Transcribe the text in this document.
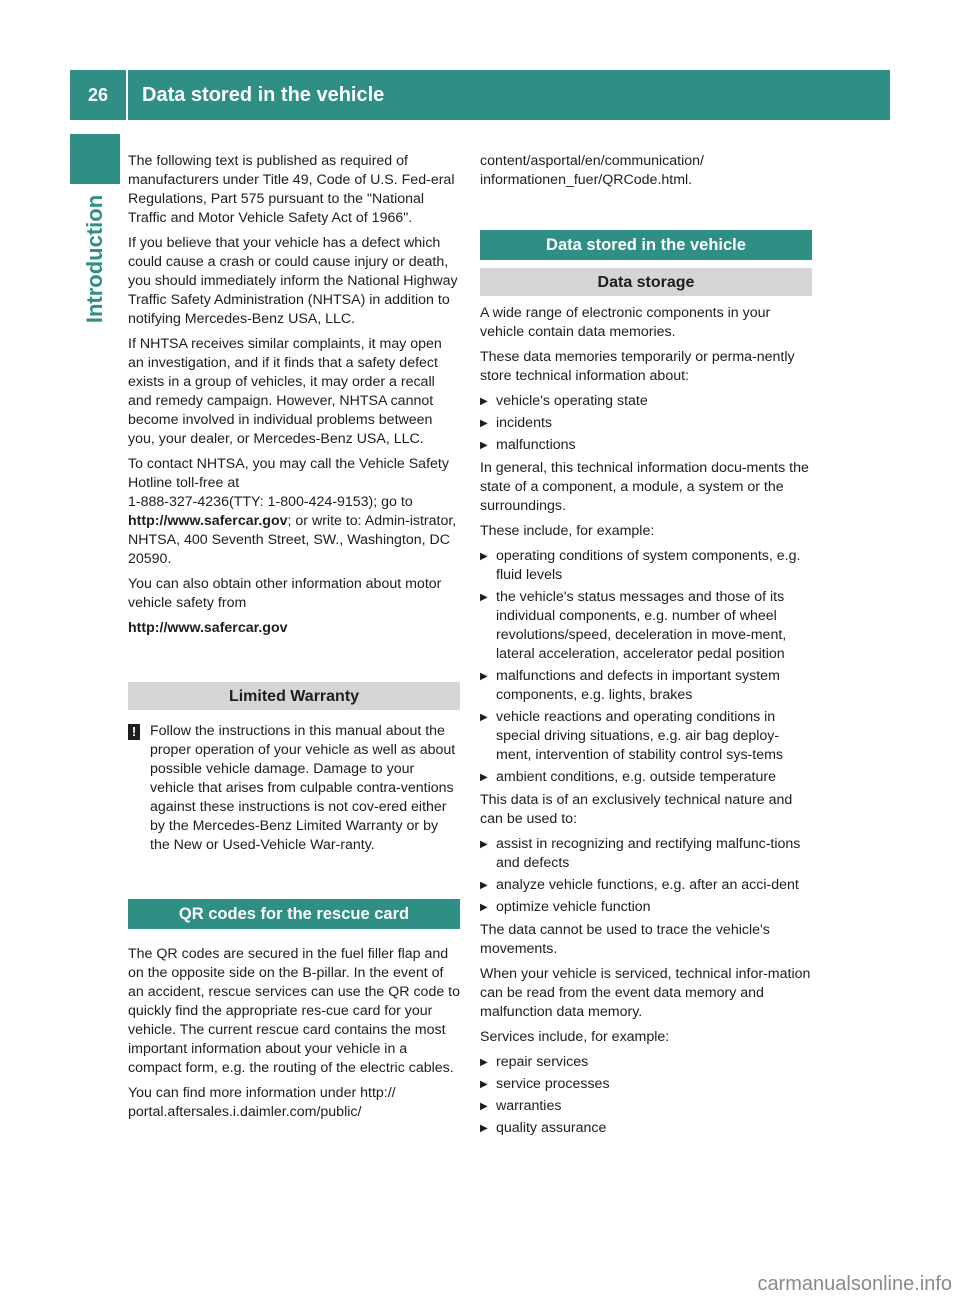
26	Data stored in the vehicle
Introduction

The following text is published as required of manufacturers under Title 49, Code of U.S. Fed-eral Regulations, Part 575 pursuant to the "National Traffic and Motor Vehicle Safety Act of 1966".

If you believe that your vehicle has a defect which could cause a crash or could cause injury or death, you should immediately inform the National Highway Traffic Safety Administration (NHTSA) in addition to notifying Mercedes-Benz USA, LLC.

If NHTSA receives similar complaints, it may open an investigation, and if it finds that a safety defect exists in a group of vehicles, it may order a recall and remedy campaign. However, NHTSA cannot become involved in individual problems between you, your dealer, or Mercedes-Benz USA, LLC.

To contact NHTSA, you may call the Vehicle Safety Hotline toll-free at
1-888-327-4236(TTY: 1-800-424-9153); go to
http://www.safercar.gov; or write to: Admin-istrator, NHTSA, 400 Seventh Street, SW., Washington, DC 20590.

You can also obtain other information about motor vehicle safety from

http://www.safercar.gov

Limited Warranty
! Follow the instructions in this manual about the proper operation of your vehicle as well as about possible vehicle damage. Damage to your vehicle that arises from culpable contra-ventions against these instructions is not cov-ered either by the Mercedes-Benz Limited Warranty or by the New or Used-Vehicle War-ranty.
QR codes for the rescue card

The QR codes are secured in the fuel filler flap and on the opposite side on the B-pillar. In the event of an accident, rescue services can use the QR code to quickly find the appropriate res-cue card for your vehicle. The current rescue card contains the most important information about your vehicle in a compact form, e.g. the routing of the electric cables.

You can find more information under http://
portal.aftersales.i.daimler.com/public/

content/asportal/en/communication/
informationen_fuer/QRCode.html.

Data stored in the vehicle
Data storage

A wide range of electronic components in your vehicle contain data memories.

These data memories temporarily or perma-nently store technical information about:

▶ vehicle's operating state
▶ incidents
▶ malfunctions

In general, this technical information docu-ments the state of a component, a module, a system or the surroundings.

These include, for example:

▶ operating conditions of system components, e.g. fluid levels
▶ the vehicle's status messages and those of its individual components, e.g. number of wheel revolutions/speed, deceleration in move-ment, lateral acceleration, accelerator pedal position
▶ malfunctions and defects in important system components, e.g. lights, brakes
▶ vehicle reactions and operating conditions in special driving situations, e.g. air bag deploy-ment, intervention of stability control sys-tems
▶ ambient conditions, e.g. outside temperature

This data is of an exclusively technical nature and can be used to:

▶ assist in recognizing and rectifying malfunc-tions and defects
▶ analyze vehicle functions, e.g. after an acci-dent
▶ optimize vehicle function

The data cannot be used to trace the vehicle's movements.

When your vehicle is serviced, technical infor-mation can be read from the event data memory and malfunction data memory.

Services include, for example:

▶ repair services
▶ service processes
▶ warranties
▶ quality assurance
carmanualsonline.info
